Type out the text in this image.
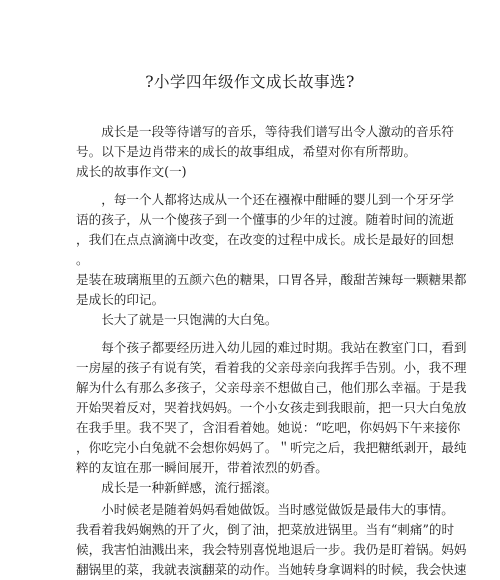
?小学四年级作文成长故事选?
　　成长是一段等待谱写的音乐，等待我们谱写出令人激动的音乐符
号。以下是边肖带来的成长的故事组成，希望对你有所帮助。
成长的故事作文(一)
　　，每一个人都将达成从一个还在襁褓中酣睡的婴儿到一个牙牙学
语的孩子，从一个傻孩子到一个懂事的少年的过渡。随着时间的流逝
，我们在点点滴滴中改变，在改变的过程中成长。成长是最好的回想
。
是装在玻璃瓶里的五颜六色的糖果，口胃各异，酸甜苦辣每一颗糖果都
是成长的印记。
　　长大了就是一只饱满的大白兔。
　　每个孩子都要经历进入幼儿园的难过时期。我站在教室门口，看到
一房屋的孩子有说有笑，看着我的父亲母亲向我挥手告别。小，我不理
解为什么有那么多孩子，父亲母亲不想做自己，他们那么幸福。于是我
开始哭着反对，哭着找妈妈。一个小女孩走到我眼前，把一只大白兔放
在我手里。我不哭了，含泪看着她。她说：“吃吧，你妈妈下午来接你
，你吃完小白兔就不会想你妈妈了。＂听完之后，我把糖纸剥开，最纯
粹的友谊在那一瞬间展开，带着浓烈的奶香。
　　成长是一种新鲜感，流行摇滚。
　　小时候老是随着妈妈看她做饭。当时感觉做饭是最伟大的事情。
我看着我妈娴熟的开了火，倒了油，把菜放进锅里。当有“刺痛”的时
候，我害怕油溅出来，我会特别喜悦地退后一步。我仍是盯着锅。妈妈
翻锅里的菜，我就表演翻菜的动作。当她转身拿调料的时候，我会快速
